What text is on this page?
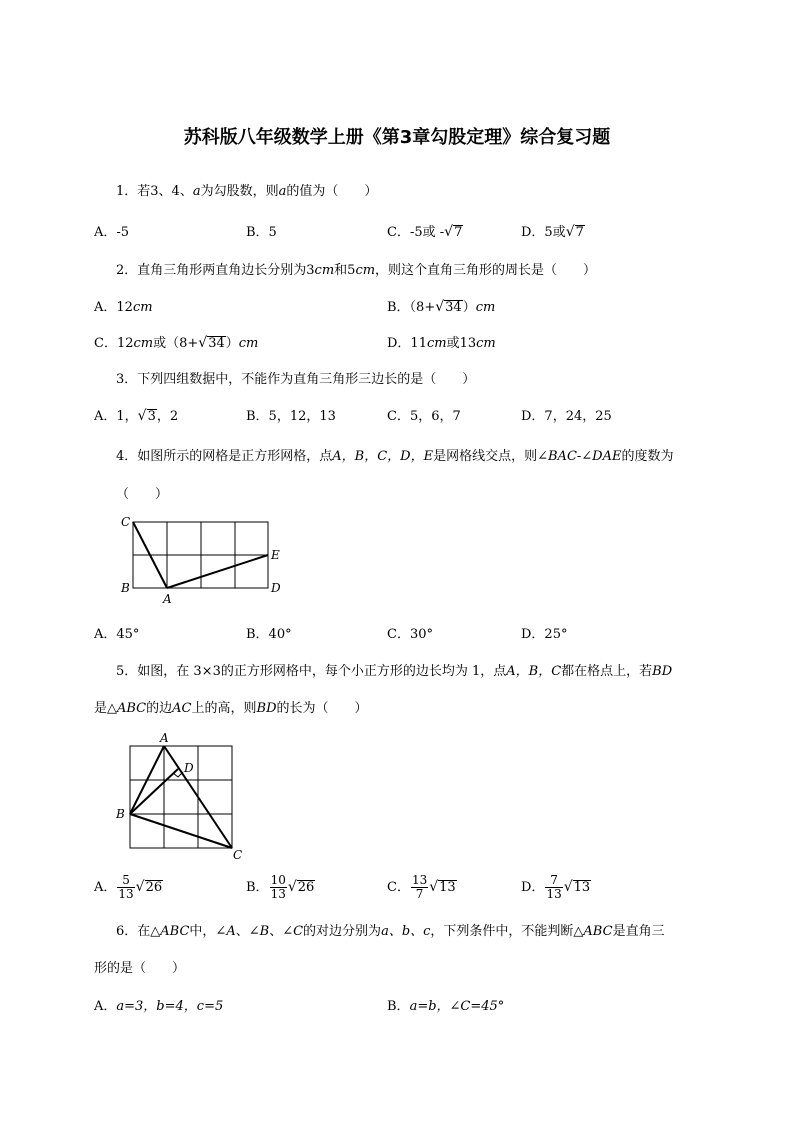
苏科版八年级数学上册《第3章勾股定理》综合复习题
1．若3、4、a为勾股数，则a的值为（　　）
A．-5	B．5	C．-5或 -√7	D．5或√7
2．直角三角形两直角边长分别为3cm和5cm，则这个直角三角形的周长是（　　）
A．12cm	B．（8+√34）cm
C．12cm或（8+√34）cm	D．11cm或13cm
3．下列四组数据中，不能作为直角三角形三边长的是（　　）
A．1，√3，2	B．5，12，13	C．5，6，7	D．7，24，25
4．如图所示的网格是正方形网格，点A，B，C，D，E是网格线交点，则∠BAC-∠DAE的度数为
（　　）
C
B
A
E
D
A．45°	B．40°	C．30°	D．25°
5．如图，在 3×3的正方形网格中，每个小正方形的边长均为 1，点A，B，C都在格点上，若BD
是△ABC的边AC上的高，则BD的长为（　　）
A
B
C
D
A． $\frac{5}{13} √26$	B． $\frac{10}{13} √26$	C． $\frac{13}{7} √13$	D． $\frac{7}{13} √13$
6．在△ABC中，∠A、∠B、∠C的对边分别为a、b、c，下列条件中，不能判断△ABC是直角三
形的是（　　）
A．a=3，b=4，c=5	B．a=b，∠C=45°
